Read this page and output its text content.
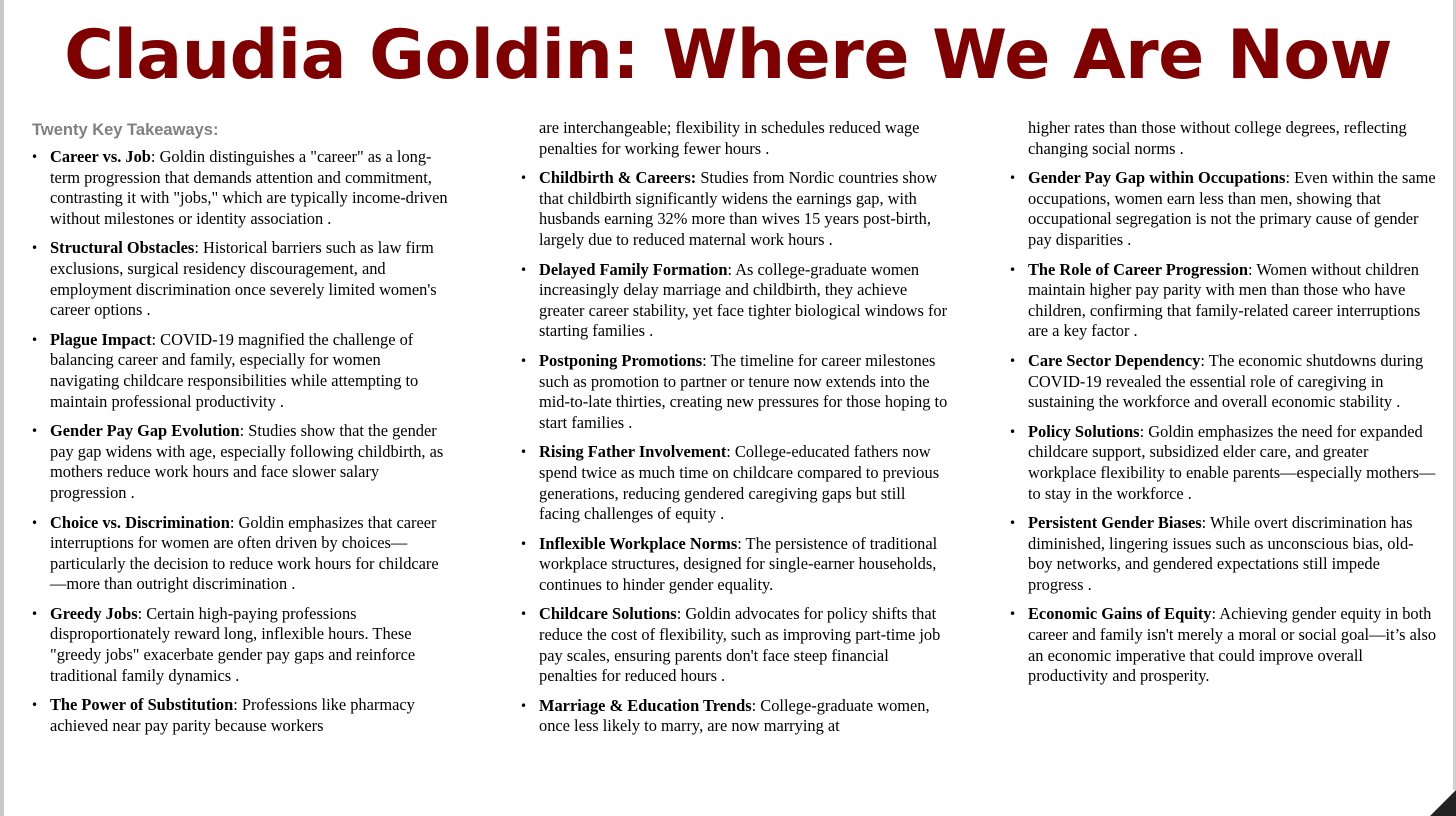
Claudia Goldin: Where We Are Now
Twenty Key Takeaways:
• Career vs. Job: Goldin distinguishes a "career" as a long-term progression that demands attention and commitment, contrasting it with "jobs," which are typically income-driven without milestones or identity association .
• Structural Obstacles: Historical barriers such as law firm exclusions, surgical residency discouragement, and employment discrimination once severely limited women's career options .
• Plague Impact: COVID-19 magnified the challenge of balancing career and family, especially for women navigating childcare responsibilities while attempting to maintain professional productivity .
• Gender Pay Gap Evolution: Studies show that the gender pay gap widens with age, especially following childbirth, as mothers reduce work hours and face slower salary progression .
• Choice vs. Discrimination: Goldin emphasizes that career interruptions for women are often driven by choices—particularly the decision to reduce work hours for childcare—more than outright discrimination .
• Greedy Jobs: Certain high-paying professions disproportionately reward long, inflexible hours. These "greedy jobs" exacerbate gender pay gaps and reinforce traditional family dynamics .
• The Power of Substitution: Professions like pharmacy achieved near pay parity because workers
are interchangeable; flexibility in schedules reduced wage penalties for working fewer hours .
• Childbirth & Careers: Studies from Nordic countries show that childbirth significantly widens the earnings gap, with husbands earning 32% more than wives 15 years post-birth, largely due to reduced maternal work hours .
• Delayed Family Formation: As college-graduate women increasingly delay marriage and childbirth, they achieve greater career stability, yet face tighter biological windows for starting families .
• Postponing Promotions: The timeline for career milestones such as promotion to partner or tenure now extends into the mid-to-late thirties, creating new pressures for those hoping to start families .
• Rising Father Involvement: College-educated fathers now spend twice as much time on childcare compared to previous generations, reducing gendered caregiving gaps but still facing challenges of equity .
• Inflexible Workplace Norms: The persistence of traditional workplace structures, designed for single-earner households, continues to hinder gender equality.
• Childcare Solutions: Goldin advocates for policy shifts that reduce the cost of flexibility, such as improving part-time job pay scales, ensuring parents don't face steep financial penalties for reduced hours .
• Marriage & Education Trends: College-graduate women, once less likely to marry, are now marrying at
higher rates than those without college degrees, reflecting changing social norms .
• Gender Pay Gap within Occupations: Even within the same occupations, women earn less than men, showing that occupational segregation is not the primary cause of gender pay disparities .
• The Role of Career Progression: Women without children maintain higher pay parity with men than those who have children, confirming that family-related career interruptions are a key factor .
• Care Sector Dependency: The economic shutdowns during COVID-19 revealed the essential role of caregiving in sustaining the workforce and overall economic stability .
• Policy Solutions: Goldin emphasizes the need for expanded childcare support, subsidized elder care, and greater workplace flexibility to enable parents—especially mothers—to stay in the workforce .
• Persistent Gender Biases: While overt discrimination has diminished, lingering issues such as unconscious bias, old-boy networks, and gendered expectations still impede progress .
• Economic Gains of Equity: Achieving gender equity in both career and family isn't merely a moral or social goal—it’s also an economic imperative that could improve overall productivity and prosperity.
